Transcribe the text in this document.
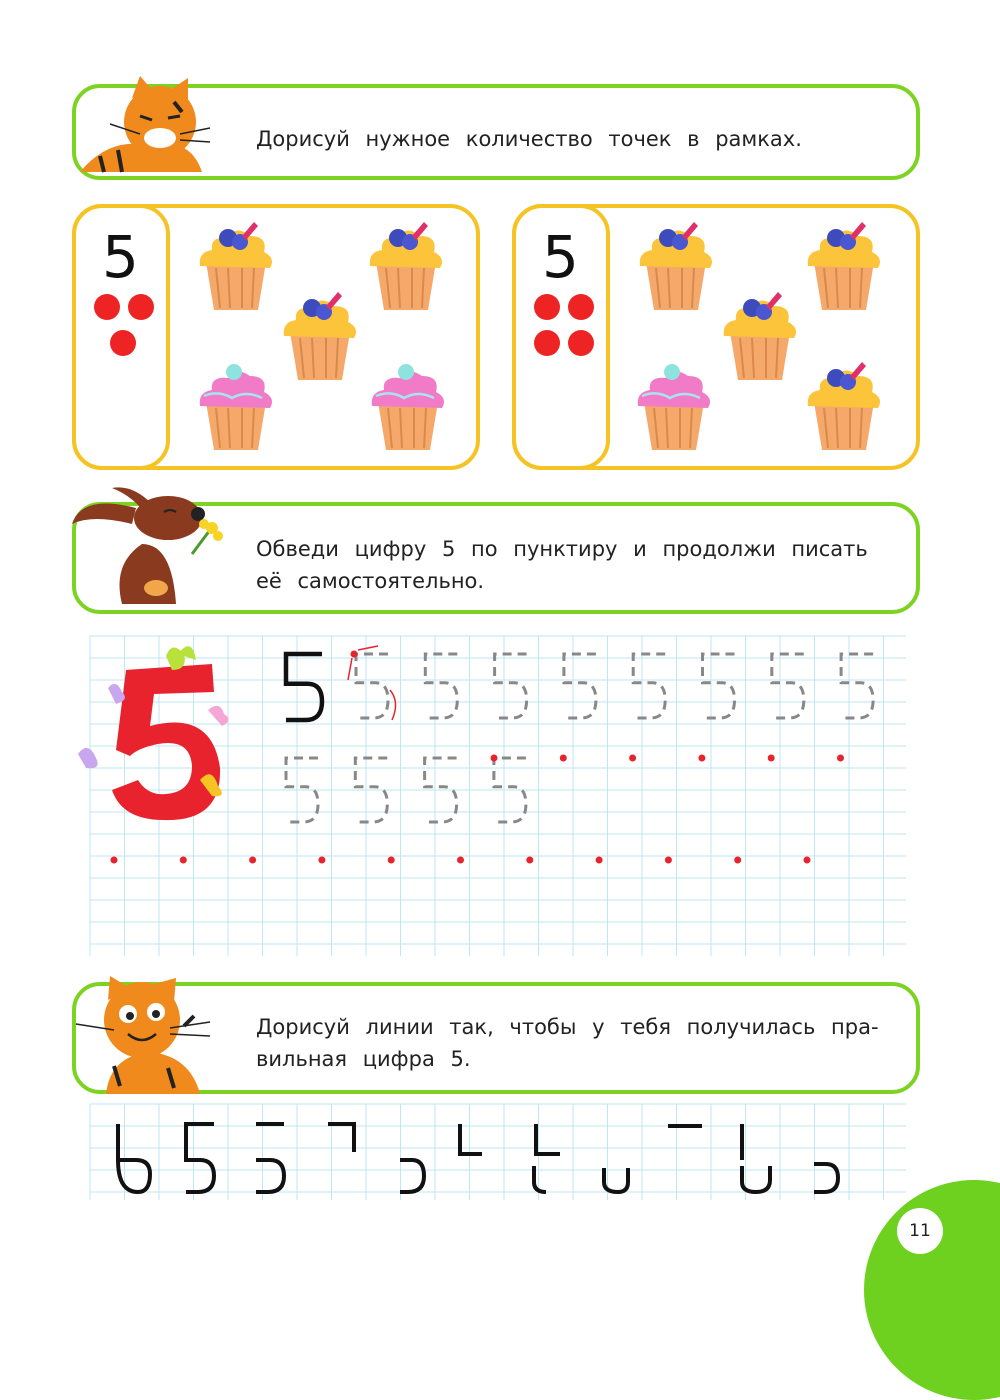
Дорисуй нужное количество точек в рамках.
5	5
Обведи цифру 5 по пунктиру и продолжи писать
её самостоятельно.
Дорисуй линии так, чтобы у тебя получилась пра-
вильная цифра 5.
11
